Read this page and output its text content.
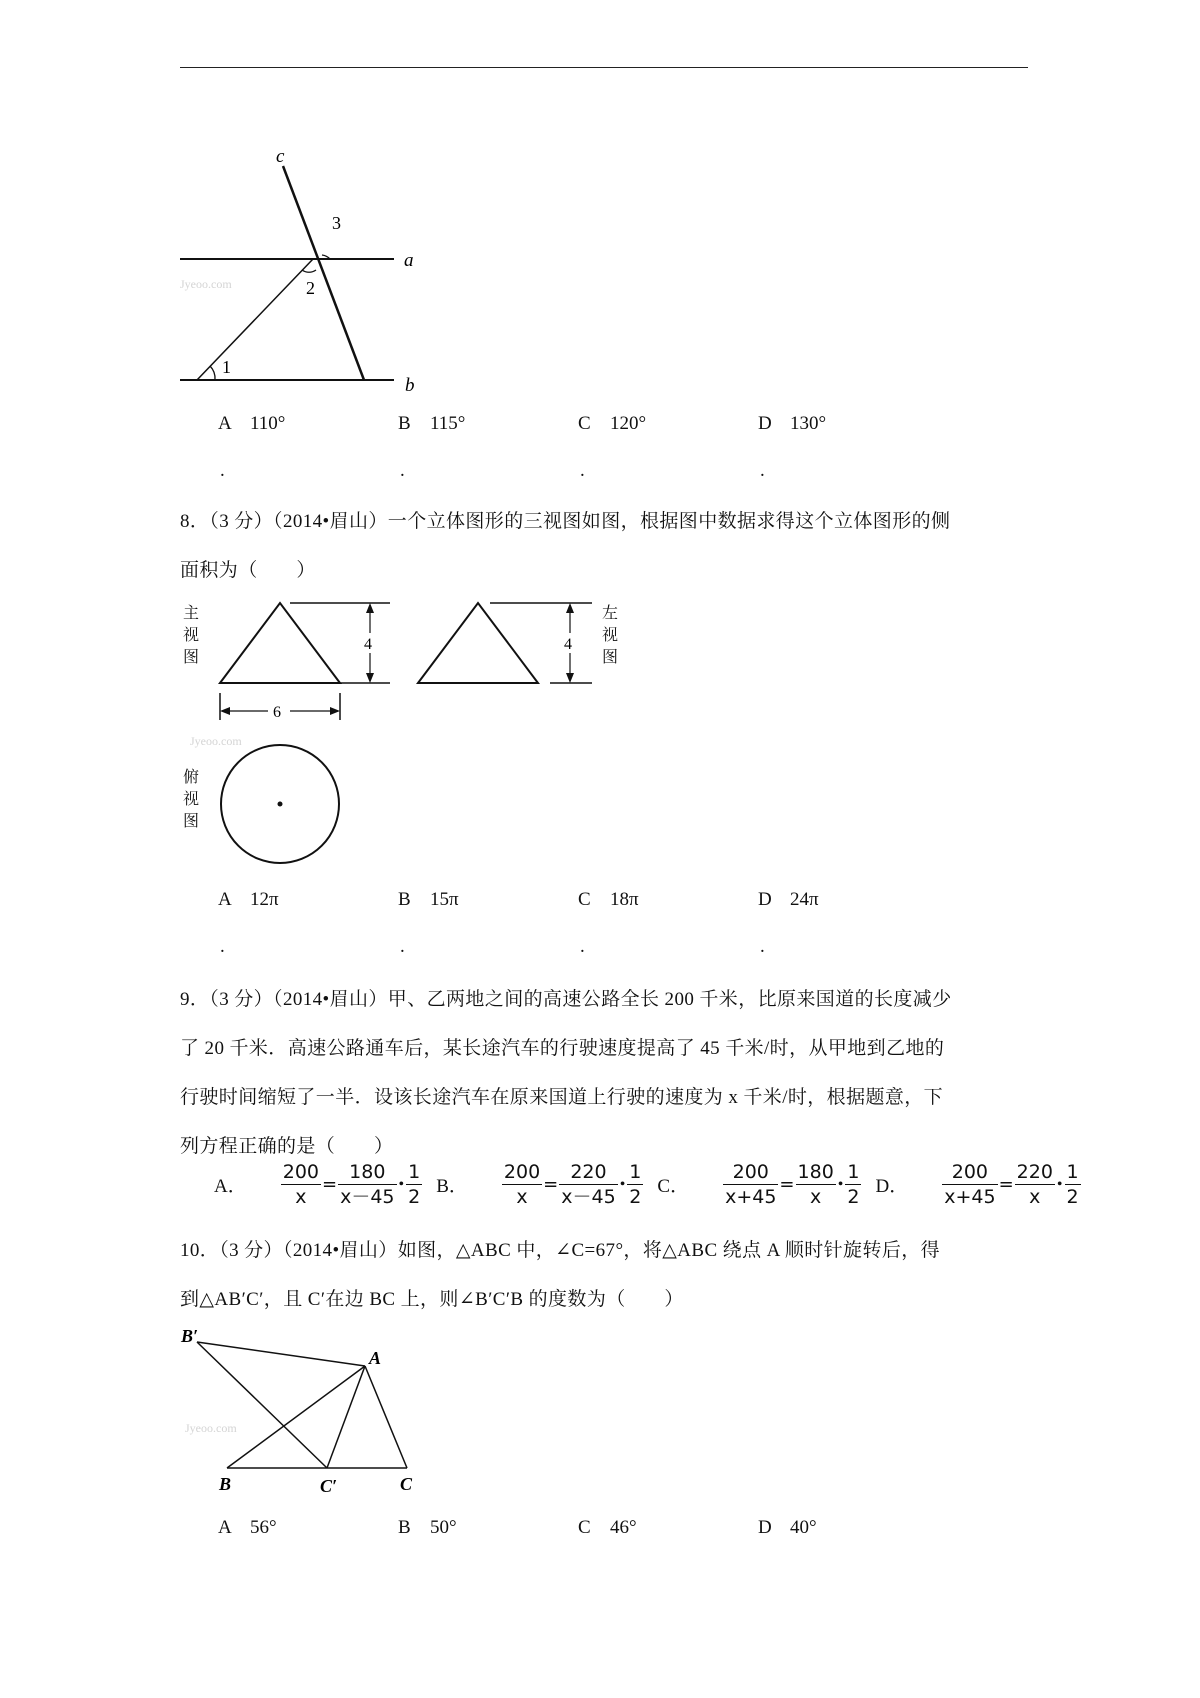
c
3
a
2
1
b
Jyeoo.com
A 110°	B 115°	C 120°	D 130°
.	.	.	.
8．（3 分）（2014•眉山）一个立体图形的三视图如图，根据图中数据求得这个立体图形的侧
面积为（　　）
主
视
图
左
视
图
俯
视
图
4	4
6
Jyeoo.com
A 12π	B 15π	C 18π	D 24π
.	.	.	.
9．（3 分）（2014•眉山）甲、乙两地之间的高速公路全长 200 千米，比原来国道的长度减少
了 20 千米．高速公路通车后，某长途汽车的行驶速度提高了 45 千米/时，从甲地到乙地的
行驶时间缩短了一半．设该长途汽车在原来国道上行驶的速度为 x 千米/时，根据题意，下
列方程正确的是（　　）
A． $\frac{200}{x} = \frac{180}{x-45}$ • $\frac{1}{2}$ B． $\frac{200}{x} = \frac{220}{x-45}$ • $\frac{1}{2}$ C． $\frac{200}{x+45} = \frac{180}{x}$ • $\frac{1}{2}$ D． $\frac{200}{x+45} = \frac{220}{x}$ • $\frac{1}{2}$
10．（3 分）（2014•眉山）如图，△ABC 中，∠C=67°，将△ABC 绕点 A 顺时针旋转后，得
到△AB′C′，且 C′在边 BC 上，则∠B′C′B 的度数为（　　）
B′
A
B	C′	C
Jyeoo.com
A 56°	B 50°	C 46°	D 40°
